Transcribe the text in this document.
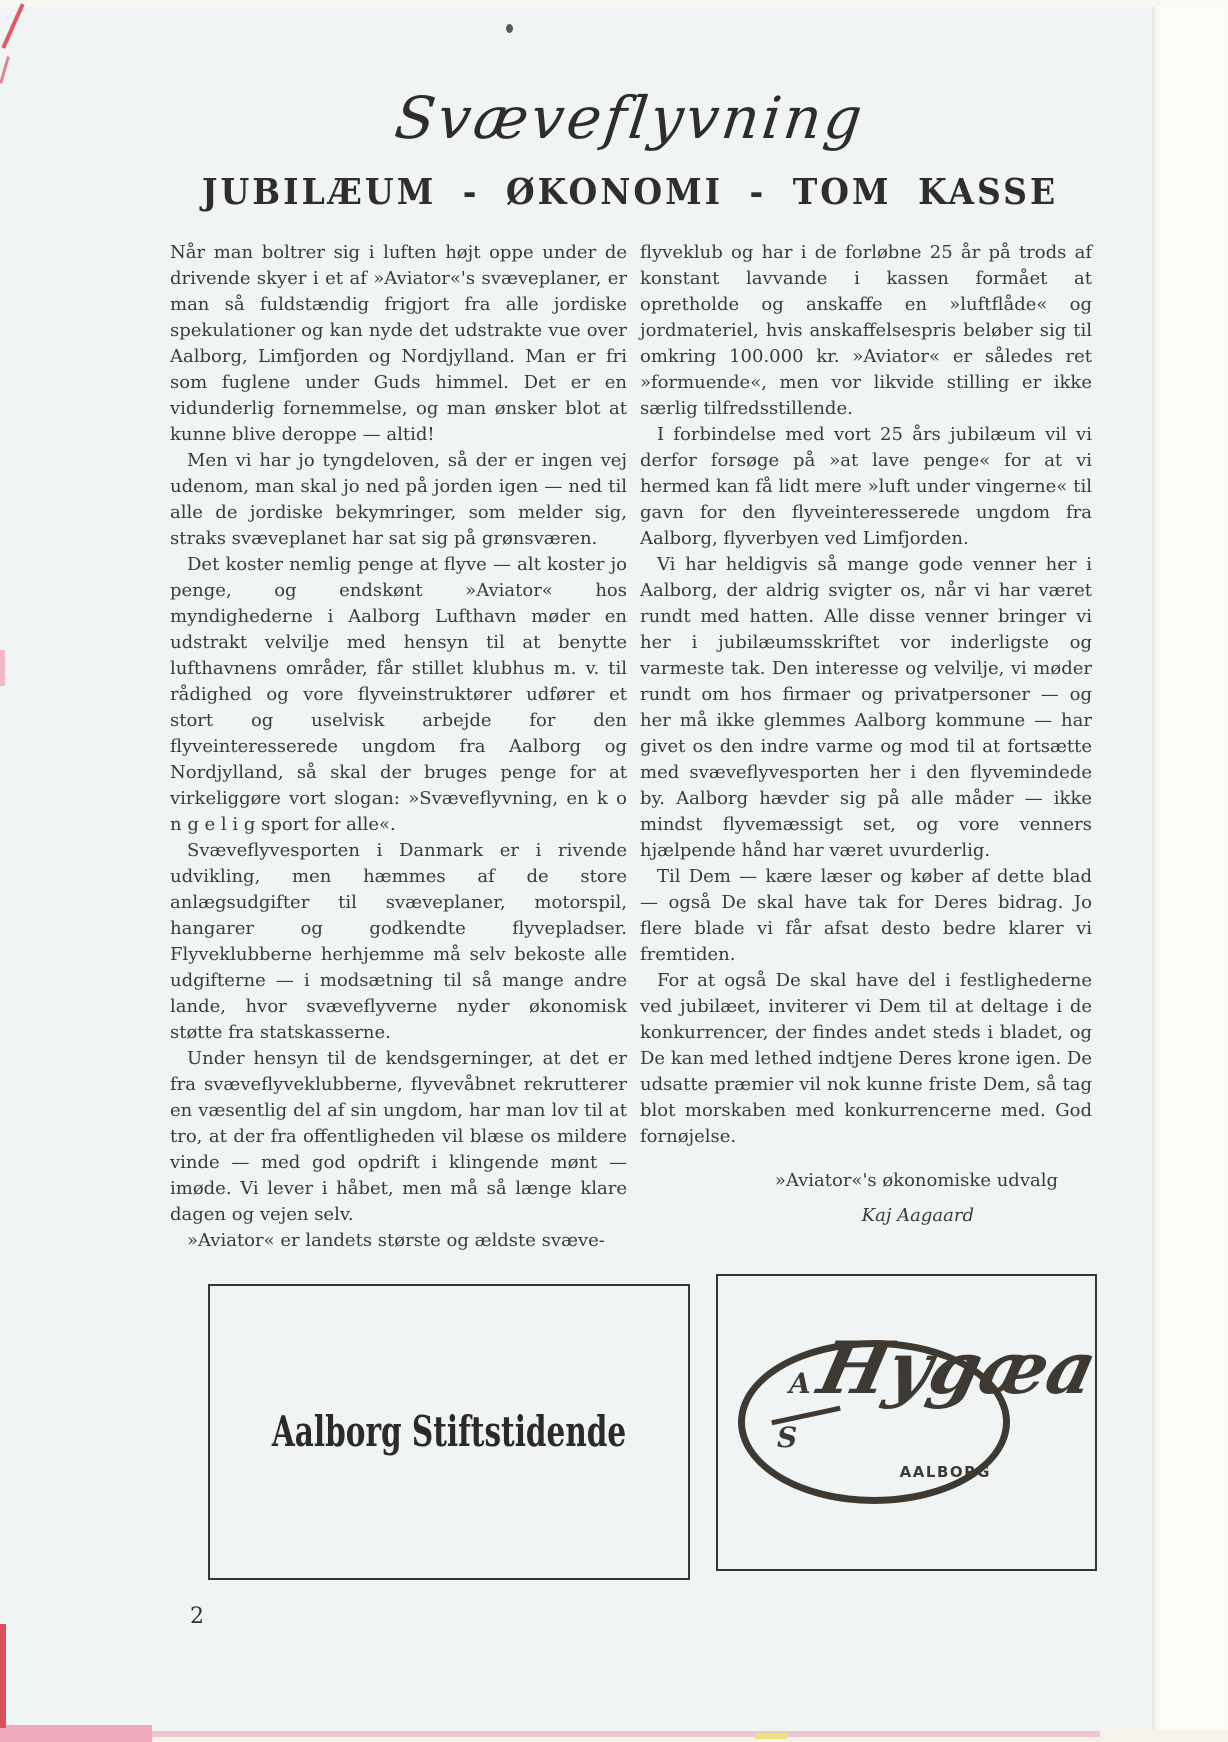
Svæveflyvning
JUBILÆUM - ØKONOMI - TOM KASSE

Når man boltrer sig i luften højt oppe under de drivende skyer i et af »Aviator«'s svæveplaner, er man så fuldstændig frigjort fra alle jordiske spekulationer og kan nyde det udstrakte vue over Aalborg, Limfjorden og Nordjylland. Man er fri som fuglene under Guds himmel. Det er en vidunderlig fornemmelse, og man ønsker blot at kunne blive deroppe — altid!

Men vi har jo tyngdeloven, så der er ingen vej udenom, man skal jo ned på jorden igen — ned til alle de jordiske bekymringer, som melder sig, straks svæveplanet har sat sig på grønsværen.

Det koster nemlig penge at flyve — alt koster jo penge, og endskønt »Aviator« hos myndighederne i Aalborg Lufthavn møder en udstrakt velvilje med hensyn til at benytte lufthavnens områder, får stillet klubhus m. v. til rådighed og vore flyveinstruktører udfører et stort og uselvisk arbejde for den flyveinteresserede ungdom fra Aalborg og Nordjylland, så skal der bruges penge for at virkeliggøre vort slogan: »Svæveflyvning, en k o n g e l i g sport for alle«.

Svæveflyvesporten i Danmark er i rivende udvikling, men hæmmes af de store anlægsudgifter til svæveplaner, motorspil, hangarer og godkendte flyvepladser. Flyveklubberne herhjemme må selv bekoste alle udgifterne — i modsætning til så mange andre lande, hvor svæveflyverne nyder økonomisk støtte fra statskasserne.

Under hensyn til de kendsgerninger, at det er fra svæveflyveklubberne, flyvevåbnet rekrutterer en væsentlig del af sin ungdom, har man lov til at tro, at der fra offentligheden vil blæse os mildere vinde — med god opdrift i klingende mønt — imøde. Vi lever i håbet, men må så længe klare dagen og vejen selv.

»Aviator« er landets største og ældste svæve-

flyveklub og har i de forløbne 25 år på trods af konstant lavvande i kassen formået at opretholde og anskaffe en »luftflåde« og jordmateriel, hvis anskaffelsespris beløber sig til omkring 100.000 kr. »Aviator« er således ret »formuende«, men vor likvide stilling er ikke særlig tilfredsstillende.

I forbindelse med vort 25 års jubilæum vil vi derfor forsøge på »at lave penge« for at vi hermed kan få lidt mere »luft under vingerne« til gavn for den flyveinteresserede ungdom fra Aalborg, flyverbyen ved Limfjorden.

Vi har heldigvis så mange gode venner her i Aalborg, der aldrig svigter os, når vi har været rundt med hatten. Alle disse venner bringer vi her i jubilæumsskriftet vor inderligste og varmeste tak. Den interesse og velvilje, vi møder rundt om hos firmaer og privatpersoner — og her må ikke glemmes Aalborg kommune — har givet os den indre varme og mod til at fortsætte med svæveflyvesporten her i den flyvemindede by. Aalborg hævder sig på alle måder — ikke mindst flyvemæssigt set, og vore venners hjælpende hånd har været uvurderlig.

Til Dem — kære læser og køber af dette blad — også De skal have tak for Deres bidrag. Jo flere blade vi får afsat desto bedre klarer vi fremtiden.

For at også De skal have del i festlighederne ved jubilæet, inviterer vi Dem til at deltage i de konkurrencer, der findes andet steds i bladet, og De kan med lethed indtjene Deres krone igen. De udsatte præmier vil nok kunne friste Dem, så tag blot morskaben med konkurrencerne med. God fornøjelse.

»Aviator«'s økonomiske udvalg

Kaj Aagaard

Aalborg Stiftstidende
A
S
Hygæa
AALBORG
2
